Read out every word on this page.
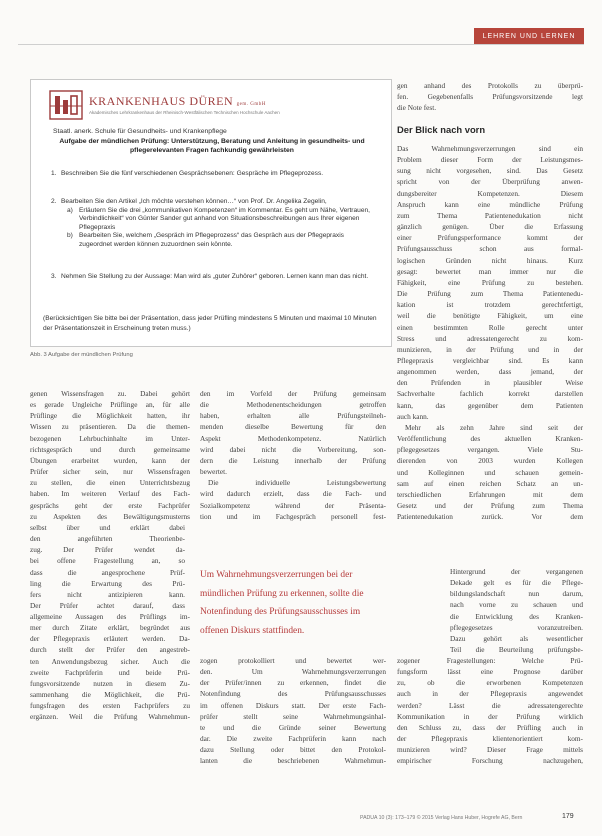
LEHREN UND LERNEN
KRANKENHAUS DÜREN gem. GmbH
Akademisches Lehrkrankenhaus der Rheinisch-Westfälischen Technischen Hochschule Aachen
Staatl. anerk. Schule für Gesundheits- und Krankenpflege
Aufgabe der mündlichen Prüfung: Unterstützung, Beratung und Anleitung in gesundheits- und pflegerelevanten Fragen fachkundig gewährleisten
1. Beschreiben Sie die fünf verschiedenen Gesprächsebenen: Gespräche im Pflegeprozess.
2. Bearbeiten Sie den Artikel „Ich möchte verstehen können…“ von Prof. Dr. Angelika Zegelin,
a) Erläutern Sie die drei „kommunikativen Kompetenzen“ im Kommentar. Es geht um Nähe, Vertrauen, Verbindlichkeit“ von Günter Sander gut anhand von Situationsbeschreibungen aus Ihrer eigenen Pflegepraxis
b) Bearbeiten Sie, welchem „Gespräch im Pflegeprozess“ das Gespräch aus der Pflegepraxis zugeordnet werden können zuzuordnen sein könnte.
3. Nehmen Sie Stellung zu der Aussage: Man wird als „guter Zuhörer“ geboren. Lernen kann man das nicht.
(Berücksichtigen Sie bitte bei der Präsentation, dass jeder Prüfling mindestens 5 Minuten und maximal 10 Minuten der Präsentationszeit in Erscheinung treten muss.)
Abb. 3 Aufgabe der mündlichen Prüfung

gen anhand des Protokolls zu überprü-

fen. Gegebenenfalls Prüfungsvorsitzende legt

die Note fest.

Der Blick nach vorn

Das Wahrnehmungsverzerrungen sind ein

Problem dieser Form der Leistungsmes-

sung nicht vorgesehen, sind. Das Gesetz

spricht von der Überprüfung anwen-

dungsbereiter Kompetenzen. Diesem

Anspruch kann eine mündliche Prüfung

zum Thema Patientenedukation nicht

gänzlich genügen. Über die Erfassung

einer Prüfungsperformance kommt der

Prüfungsausschuss schon aus formal-

logischen Gründen nicht hinaus. Kurz

gesagt: bewertet man immer nur die

Fähigkeit, eine Prüfung zu bestehen.

Die Prüfung zum Thema Patientenedu-

kation ist trotzdem gerechtfertigt,

weil die benötigte Fähigkeit, um eine

einen bestimmten Rolle gerecht unter

Stress und adressatengerecht zu kom-

munizieren, in der Prüfung und in der

Pflegepraxis vergleichbar sind. Es kann

angenommen werden, dass jemand, der

den Prüfenden in plausibler Weise

Sachverhalte fachlich korrekt darstellen

kann, das gegenüber dem Patienten

auch kann.

Mehr als zehn Jahre sind seit der

Veröffentlichung des aktuellen Kranken-

pflegegesetzes vergangen. Viele Stu-

dierenden von 2003 wurden Kollegen

und Kolleginnen und schauen gemein-

sam auf einen reichen Schatz an un-

terschiedlichen Erfahrungen mit dem

Gesetz und der Prüfung zum Thema

Patientenedukation zurück. Vor dem

Hintergrund der vergangenen

Dekade gelt es für die Pflege-

bildungslandschaft nun darum,

nach vorne zu schauen und

die Entwicklung des Kranken-

pflegegesetzes voranzutreiben.

Dazu gehört als wesentlicher

Teil die Beurteilung prüfungsbe-

zogener Fragestellungen: Welche Prü-

fungsform lässt eine Prognose darüber

zu, ob die erworbenen Kompetenzen

auch in der Pflegepraxis angewendet

werden? Lässt die adressatengerechte

Kommunikation in der Prüfung wirklich

den Schluss zu, dass der Prüfling auch in

der Pflegepraxis klientenorientiert kom-

munizieren wird? Dieser Frage mittels

empirischer Forschung nachzugehen,

genen Wissensfragen zu. Dabei gehört

es gerade Ungleiche Prüflinge an, für alle

Prüflinge die Möglichkeit hatten, ihr

Wissen zu präsentieren. Da die themen-

bezogenen Lehrbuchinhalte im Unter-

richtsgespräch und durch gemeinsame

Übungen erarbeitet wurden, kann der

Prüfer sicher sein, nur Wissensfragen

zu stellen, die einen Unterrichtsbezug

haben. Im weiteren Verlauf des Fach-

gesprächs geht der erste Fachprüfer

zu Aspekten des Bewältigungsmusterns

selbst über und erklärt dabei

den angeführten Theorienbe-

zug. Der Prüfer wendet da-

bei offene Fragestellung an, so

dass die angesprochene Prüf-

ling die Erwartung des Prü-

fers nicht antizipieren kann.

Der Prüfer achtet darauf, dass

allgemeine Aussagen des Prüflings im-

mer durch Zitate erklärt, begründet aus

der Pflegepraxis erläutert werden. Da-

durch stellt der Prüfer den angestreb-

ten Anwendungsbezug sicher. Auch die

zweite Fachprüferin und beide Prü-

fungsvorsitzende nutzen in diesem Zu-

sammenhang die Möglichkeit, die Prü-

fungsfragen des ersten Fachprüfers zu

ergänzen. Weil die Prüfung Wahrnehmun-

den im Vorfeld der Prüfung gemeinsam

die Methodenentscheidungen getroffen

haben, erhalten alle Prüfungsteilneh-

menden dieselbe Bewertung für den

Aspekt Methodenkompetenz. Natürlich

wird dabei nicht die Vorbereitung, son-

dern die Leistung innerhalb der Prüfung

bewertet.

Die individuelle Leistungsbewertung

wird dadurch erzielt, dass die Fach- und

Sozialkompetenz während der Präsenta-

tion und im Fachgespräch personell fest-

zogen protokolliert und bewertet wer-

den. Um Wahrnehmungsverzerrungen

der Prüfer/innen zu erkennen, findet die

Notenfindung des Prüfungsausschusses

im offenen Diskurs statt. Der erste Fach-

prüfer stellt seine Wahrnehmungsinhal-

te und die Gründe seiner Bewertung

dar. Die zweite Fachprüferin kann nach

dazu Stellung oder bittet den Protokol-

lanten die beschriebenen Wahrnehmun-

Um Wahrnehmungsverzerrungen bei der
mündlichen Prüfung zu erkennen, sollte die
Notenfindung des Prüfungsausschusses im
offenen Diskurs stattfinden.
PADUA 10 (3): 173–179 © 2015 Verlag Hans Huber, Hogrefe AG, Bern	179
